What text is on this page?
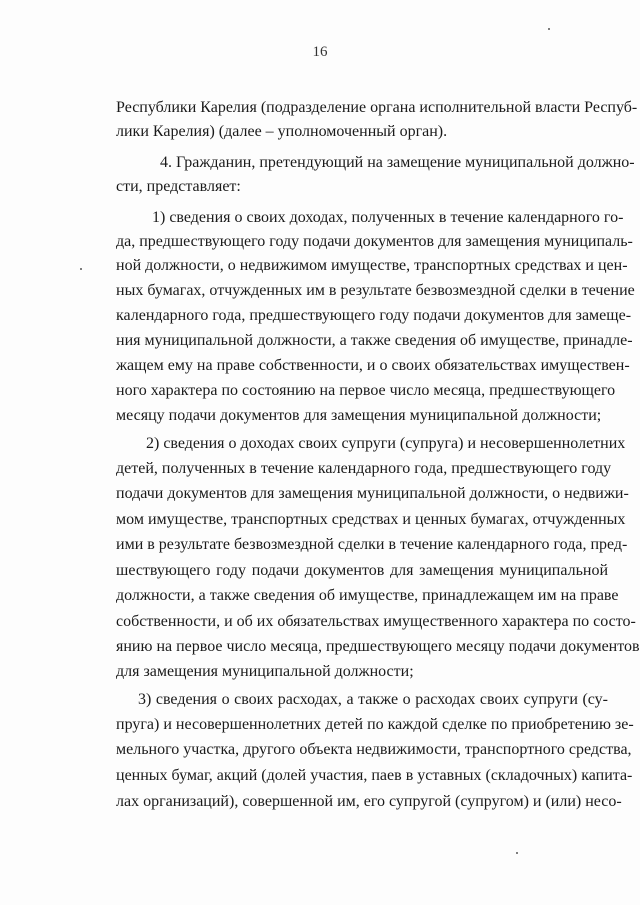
16
Республики Карелия (подразделение органа исполнительной власти Респуб-
лики Карелия) (далее – уполномоченный орган).
4. Гражданин, претендующий на замещение муниципальной должно-
сти, представляет:
1) сведения о своих доходах, полученных в течение календарного го-
да, предшествующего году подачи документов для замещения муниципаль-
ной должности, о недвижимом имуществе, транспортных средствах и цен-
ных бумагах, отчужденных им в результате безвозмездной сделки в течение
календарного года, предшествующего году подачи документов для замеще-
ния муниципальной должности, а также сведения об имуществе, принадле-
жащем ему на праве собственности, и о своих обязательствах имуществен-
ного характера по состоянию на первое число месяца, предшествующего
месяцу подачи документов для замещения муниципальной должности;
2) сведения о доходах своих супруги (супруга) и несовершеннолетних
детей, полученных в течение календарного года, предшествующего году
подачи документов для замещения муниципальной должности, о недвижи-
мом имуществе, транспортных средствах и ценных бумагах, отчужденных
ими в результате безвозмездной сделки в течение календарного года, пред-
шествующего году подачи документов для замещения муниципальной
должности, а также сведения об имуществе, принадлежащем им на праве
собственности, и об их обязательствах имущественного характера по состо-
янию на первое число месяца, предшествующего месяцу подачи документов
для замещения муниципальной должности;
3) сведения о своих расходах, а также о расходах своих супруги (су-
пруга) и несовершеннолетних детей по каждой сделке по приобретению зе-
мельного участка, другого объекта недвижимости, транспортного средства,
ценных бумаг, акций (долей участия, паев в уставных (складочных) капита-
лах организаций), совершенной им, его супругой (супругом) и (или) несо-
